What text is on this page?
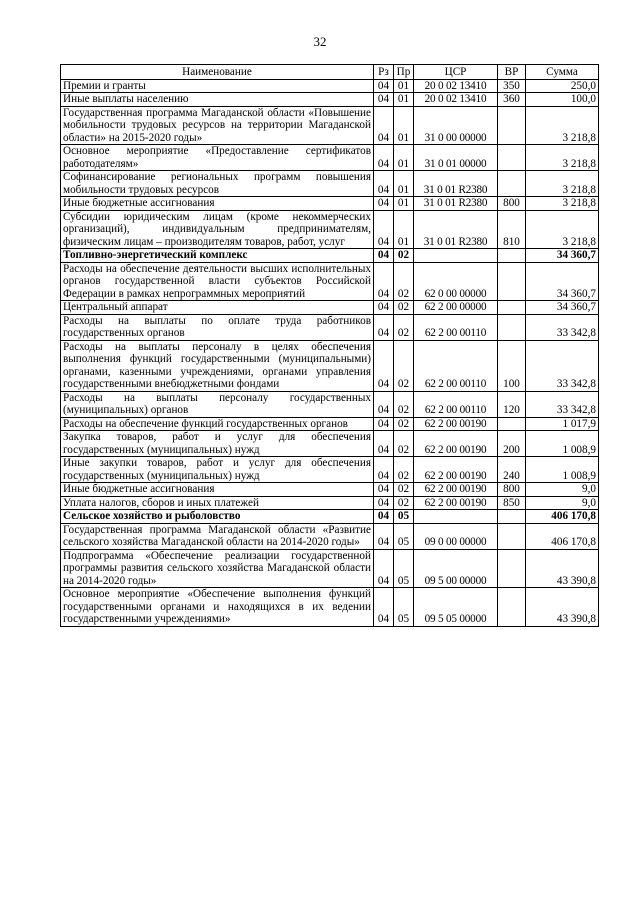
32
Наименование	Рз	Пр	ЦСР	ВР	Сумма
Премии и гранты	04	01	20 0 02 13410	350	250,0
Иные выплаты населению	04	01	20 0 02 13410	360	100,0
Государственная программа Магаданской области «Повышение мобильности трудовых ресурсов на территории Магаданской области» на 2015-2020 годы»	04	01	31 0 00 00000		3 218,8
Основное мероприятие «Предоставление сертификатов работодателям»	04	01	31 0 01 00000		3 218,8
Софинансирование региональных программ повышения мобильности трудовых ресурсов	04	01	31 0 01 R2380		3 218,8
Иные бюджетные ассигнования	04	01	31 0 01 R2380	800	3 218,8
Субсидии юридическим лицам (кроме некоммерческих организаций), индивидуальным предпринимателям, физическим лицам – производителям товаров, работ, услуг	04	01	31 0 01 R2380	810	3 218,8
Топливно-энергетический комплекс	04	02			34 360,7
Расходы на обеспечение деятельности высших исполнительных органов государственной власти субъектов Российской Федерации в рамках непрограммных мероприятий	04	02	62 0 00 00000		34 360,7
Центральный аппарат	04	02	62 2 00 00000		34 360,7
Расходы на выплаты по оплате труда работников государственных органов	04	02	62 2 00 00110		33 342,8
Расходы на выплаты персоналу в целях обеспечения выполнения функций государственными (муниципальными) органами, казенными учреждениями, органами управления государственными внебюджетными фондами	04	02	62 2 00 00110	100	33 342,8
Расходы на выплаты персоналу государственных (муниципальных) органов	04	02	62 2 00 00110	120	33 342,8
Расходы на обеспечение функций государственных органов	04	02	62 2 00 00190		1 017,9
Закупка товаров, работ и услуг для обеспечения государственных (муниципальных) нужд	04	02	62 2 00 00190	200	1 008,9
Иные закупки товаров, работ и услуг для обеспечения государственных (муниципальных) нужд	04	02	62 2 00 00190	240	1 008,9
Иные бюджетные ассигнования	04	02	62 2 00 00190	800	9,0
Уплата налогов, сборов и иных платежей	04	02	62 2 00 00190	850	9,0
Сельское хозяйство и рыболовство	04	05			406 170,8
Государственная программа Магаданской области «Развитие сельского хозяйства Магаданской области на 2014-2020 годы»	04	05	09 0 00 00000		406 170,8
Подпрограмма «Обеспечение реализации государственной программы развития сельского хозяйства Магаданской области на 2014-2020 годы»	04	05	09 5 00 00000		43 390,8
Основное мероприятие «Обеспечение выполнения функций государственными органами и находящихся в их ведении государственными учреждениями»	04	05	09 5 05 00000		43 390,8
